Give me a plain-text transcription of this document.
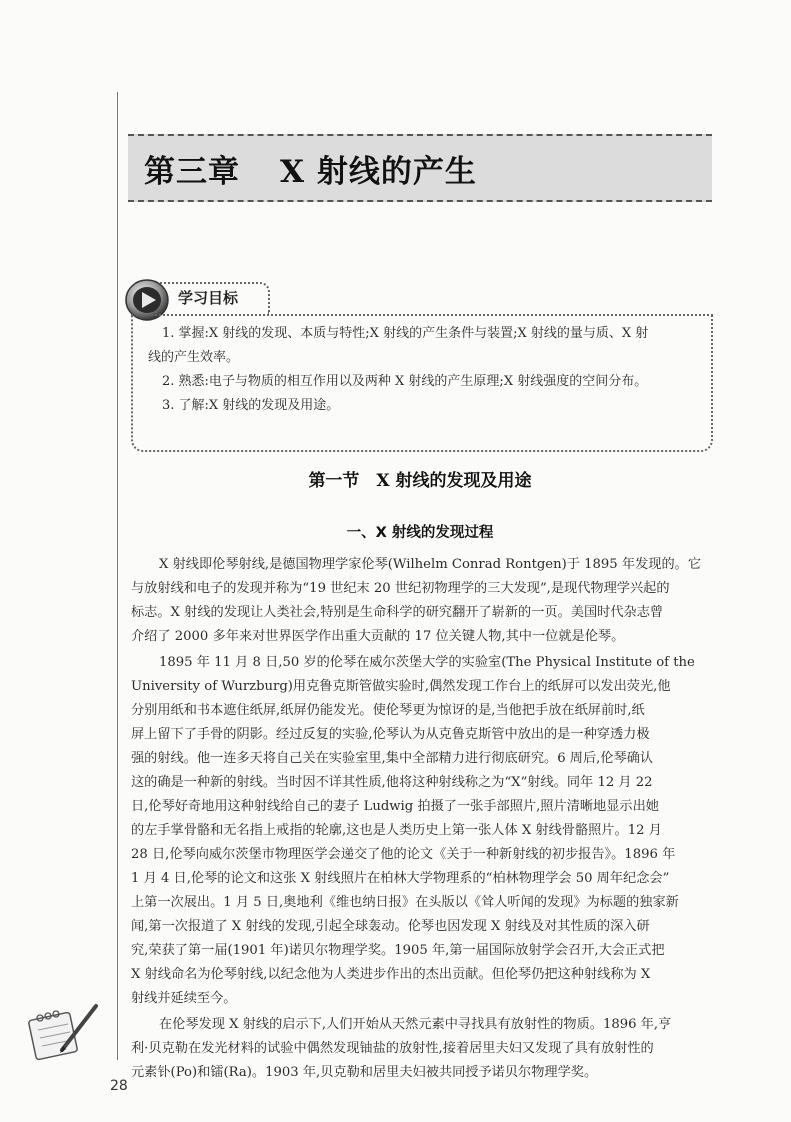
第三章 X 射线的产生
学习目标
1. 掌握:X 射线的发现、本质与特性;X 射线的产生条件与装置;X 射线的量与质、X 射
线的产生效率。
2. 熟悉:电子与物质的相互作用以及两种 X 射线的产生原理;X 射线强度的空间分布。
3. 了解:X 射线的发现及用途。
第一节　X 射线的发现及用途
一、X 射线的发现过程
X 射线即伦琴射线,是德国物理学家伦琴(Wilhelm Conrad Rontgen)于 1895 年发现的。它
与放射线和电子的发现并称为“19 世纪末 20 世纪初物理学的三大发现”,是现代物理学兴起的
标志。X 射线的发现让人类社会,特别是生命科学的研究翻开了崭新的一页。美国时代杂志曾
介绍了 2000 多年来对世界医学作出重大贡献的 17 位关键人物,其中一位就是伦琴。
1895 年 11 月 8 日,50 岁的伦琴在威尔茨堡大学的实验室(The Physical Institute of the
University of Wurzburg)用克鲁克斯管做实验时,偶然发现工作台上的纸屏可以发出荧光,他
分别用纸和书本遮住纸屏,纸屏仍能发光。使伦琴更为惊讶的是,当他把手放在纸屏前时,纸
屏上留下了手骨的阴影。经过反复的实验,伦琴认为从克鲁克斯管中放出的是一种穿透力极
强的射线。他一连多天将自己关在实验室里,集中全部精力进行彻底研究。6 周后,伦琴确认
这的确是一种新的射线。当时因不详其性质,他将这种射线称之为“X”射线。同年 12 月 22
日,伦琴好奇地用这种射线给自己的妻子 Ludwig 拍摄了一张手部照片,照片清晰地显示出她
的左手掌骨骼和无名指上戒指的轮廓,这也是人类历史上第一张人体 X 射线骨骼照片。12 月
28 日,伦琴向威尔茨堡市物理医学会递交了他的论文《关于一种新射线的初步报告》。1896 年
1 月 4 日,伦琴的论文和这张 X 射线照片在柏林大学物理系的“柏林物理学会 50 周年纪念会”
上第一次展出。1 月 5 日,奥地利《维也纳日报》在头版以《耸人听闻的发现》为标题的独家新
闻,第一次报道了 X 射线的发现,引起全球轰动。伦琴也因发现 X 射线及对其性质的深入研
究,荣获了第一届(1901 年)诺贝尔物理学奖。1905 年,第一届国际放射学会召开,大会正式把
X 射线命名为伦琴射线,以纪念他为人类进步作出的杰出贡献。但伦琴仍把这种射线称为 X
射线并延续至今。
在伦琴发现 X 射线的启示下,人们开始从天然元素中寻找具有放射性的物质。1896 年,亨
利·贝克勒在发光材料的试验中偶然发现铀盐的放射性,接着居里夫妇又发现了具有放射性的
元素钋(Po)和镭(Ra)。1903 年,贝克勒和居里夫妇被共同授予诺贝尔物理学奖。
28
